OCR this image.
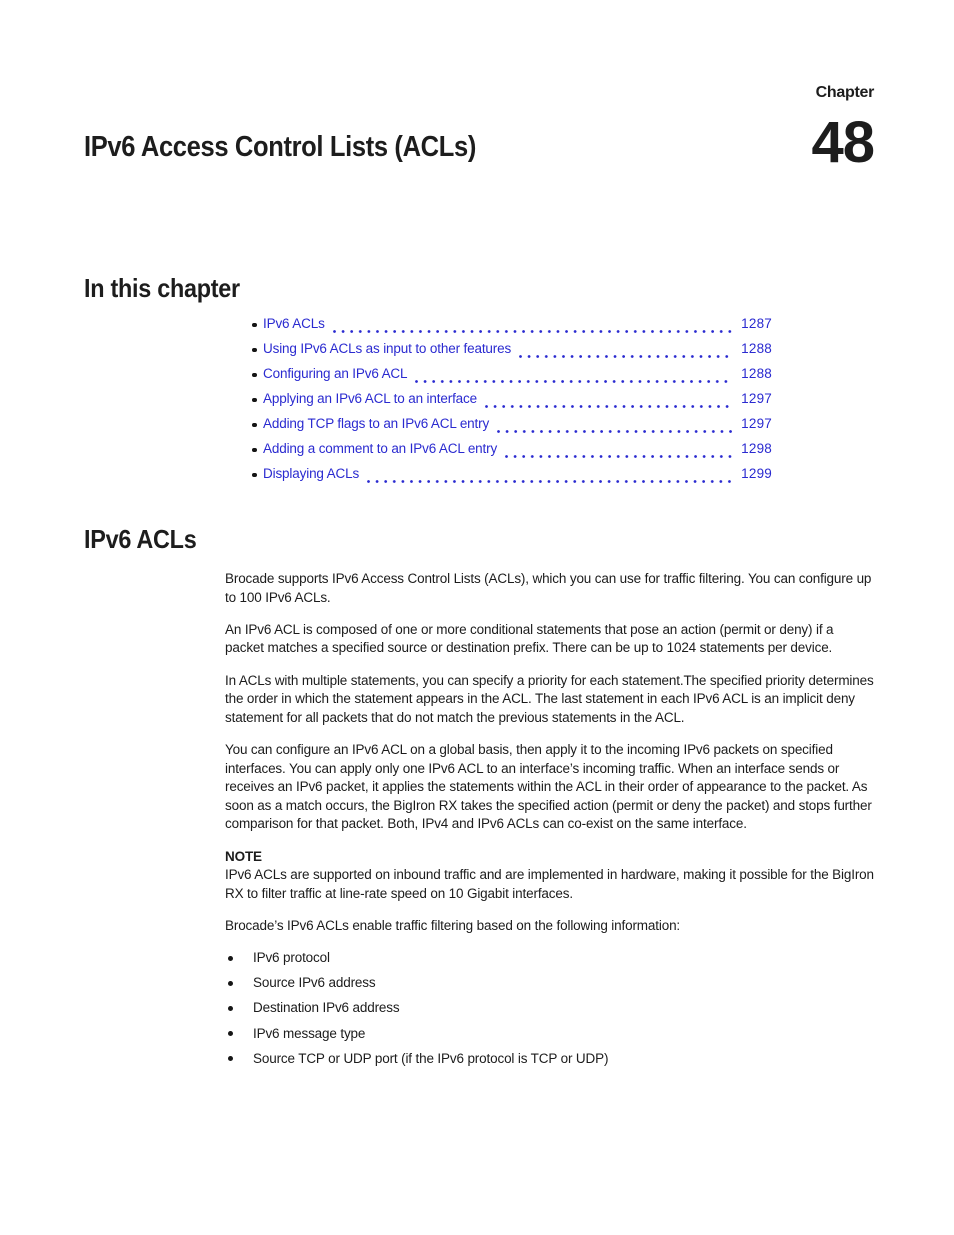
Chapter
48
IPv6 Access Control Lists (ACLs)
In this chapter
IPv6 ACLs	1287
Using IPv6 ACLs as input to other features	1288
Configuring an IPv6 ACL	1288
Applying an IPv6 ACL to an interface	1297
Adding TCP flags to an IPv6 ACL entry	1297
Adding a comment to an IPv6 ACL entry	1298
Displaying ACLs	1299
IPv6 ACLs

Brocade supports IPv6 Access Control Lists (ACLs), which you can use for traffic filtering. You can configure up to 100 IPv6 ACLs.

An IPv6 ACL is composed of one or more conditional statements that pose an action (permit or deny) if a packet matches a specified source or destination prefix. There can be up to 1024 statements per device.

In ACLs with multiple statements, you can specify a priority for each statement.The specified priority determines the order in which the statement appears in the ACL. The last statement in each IPv6 ACL is an implicit deny statement for all packets that do not match the previous statements in the ACL.

You can configure an IPv6 ACL on a global basis, then apply it to the incoming IPv6 packets on specified interfaces. You can apply only one IPv6 ACL to an interface’s incoming traffic. When an interface sends or receives an IPv6 packet, it applies the statements within the ACL in their order of appearance to the packet. As soon as a match occurs, the BigIron RX takes the specified action (permit or deny the packet) and stops further comparison for that packet. Both, IPv4 and IPv6 ACLs can co-exist on the same interface.

NOTE
IPv6 ACLs are supported on inbound traffic and are implemented in hardware, making it possible for the BigIron RX to filter traffic at line-rate speed on 10 Gigabit interfaces.

Brocade’s IPv6 ACLs enable traffic filtering based on the following information:

IPv6 protocol
Source IPv6 address
Destination IPv6 address
IPv6 message type
Source TCP or UDP port (if the IPv6 protocol is TCP or UDP)
